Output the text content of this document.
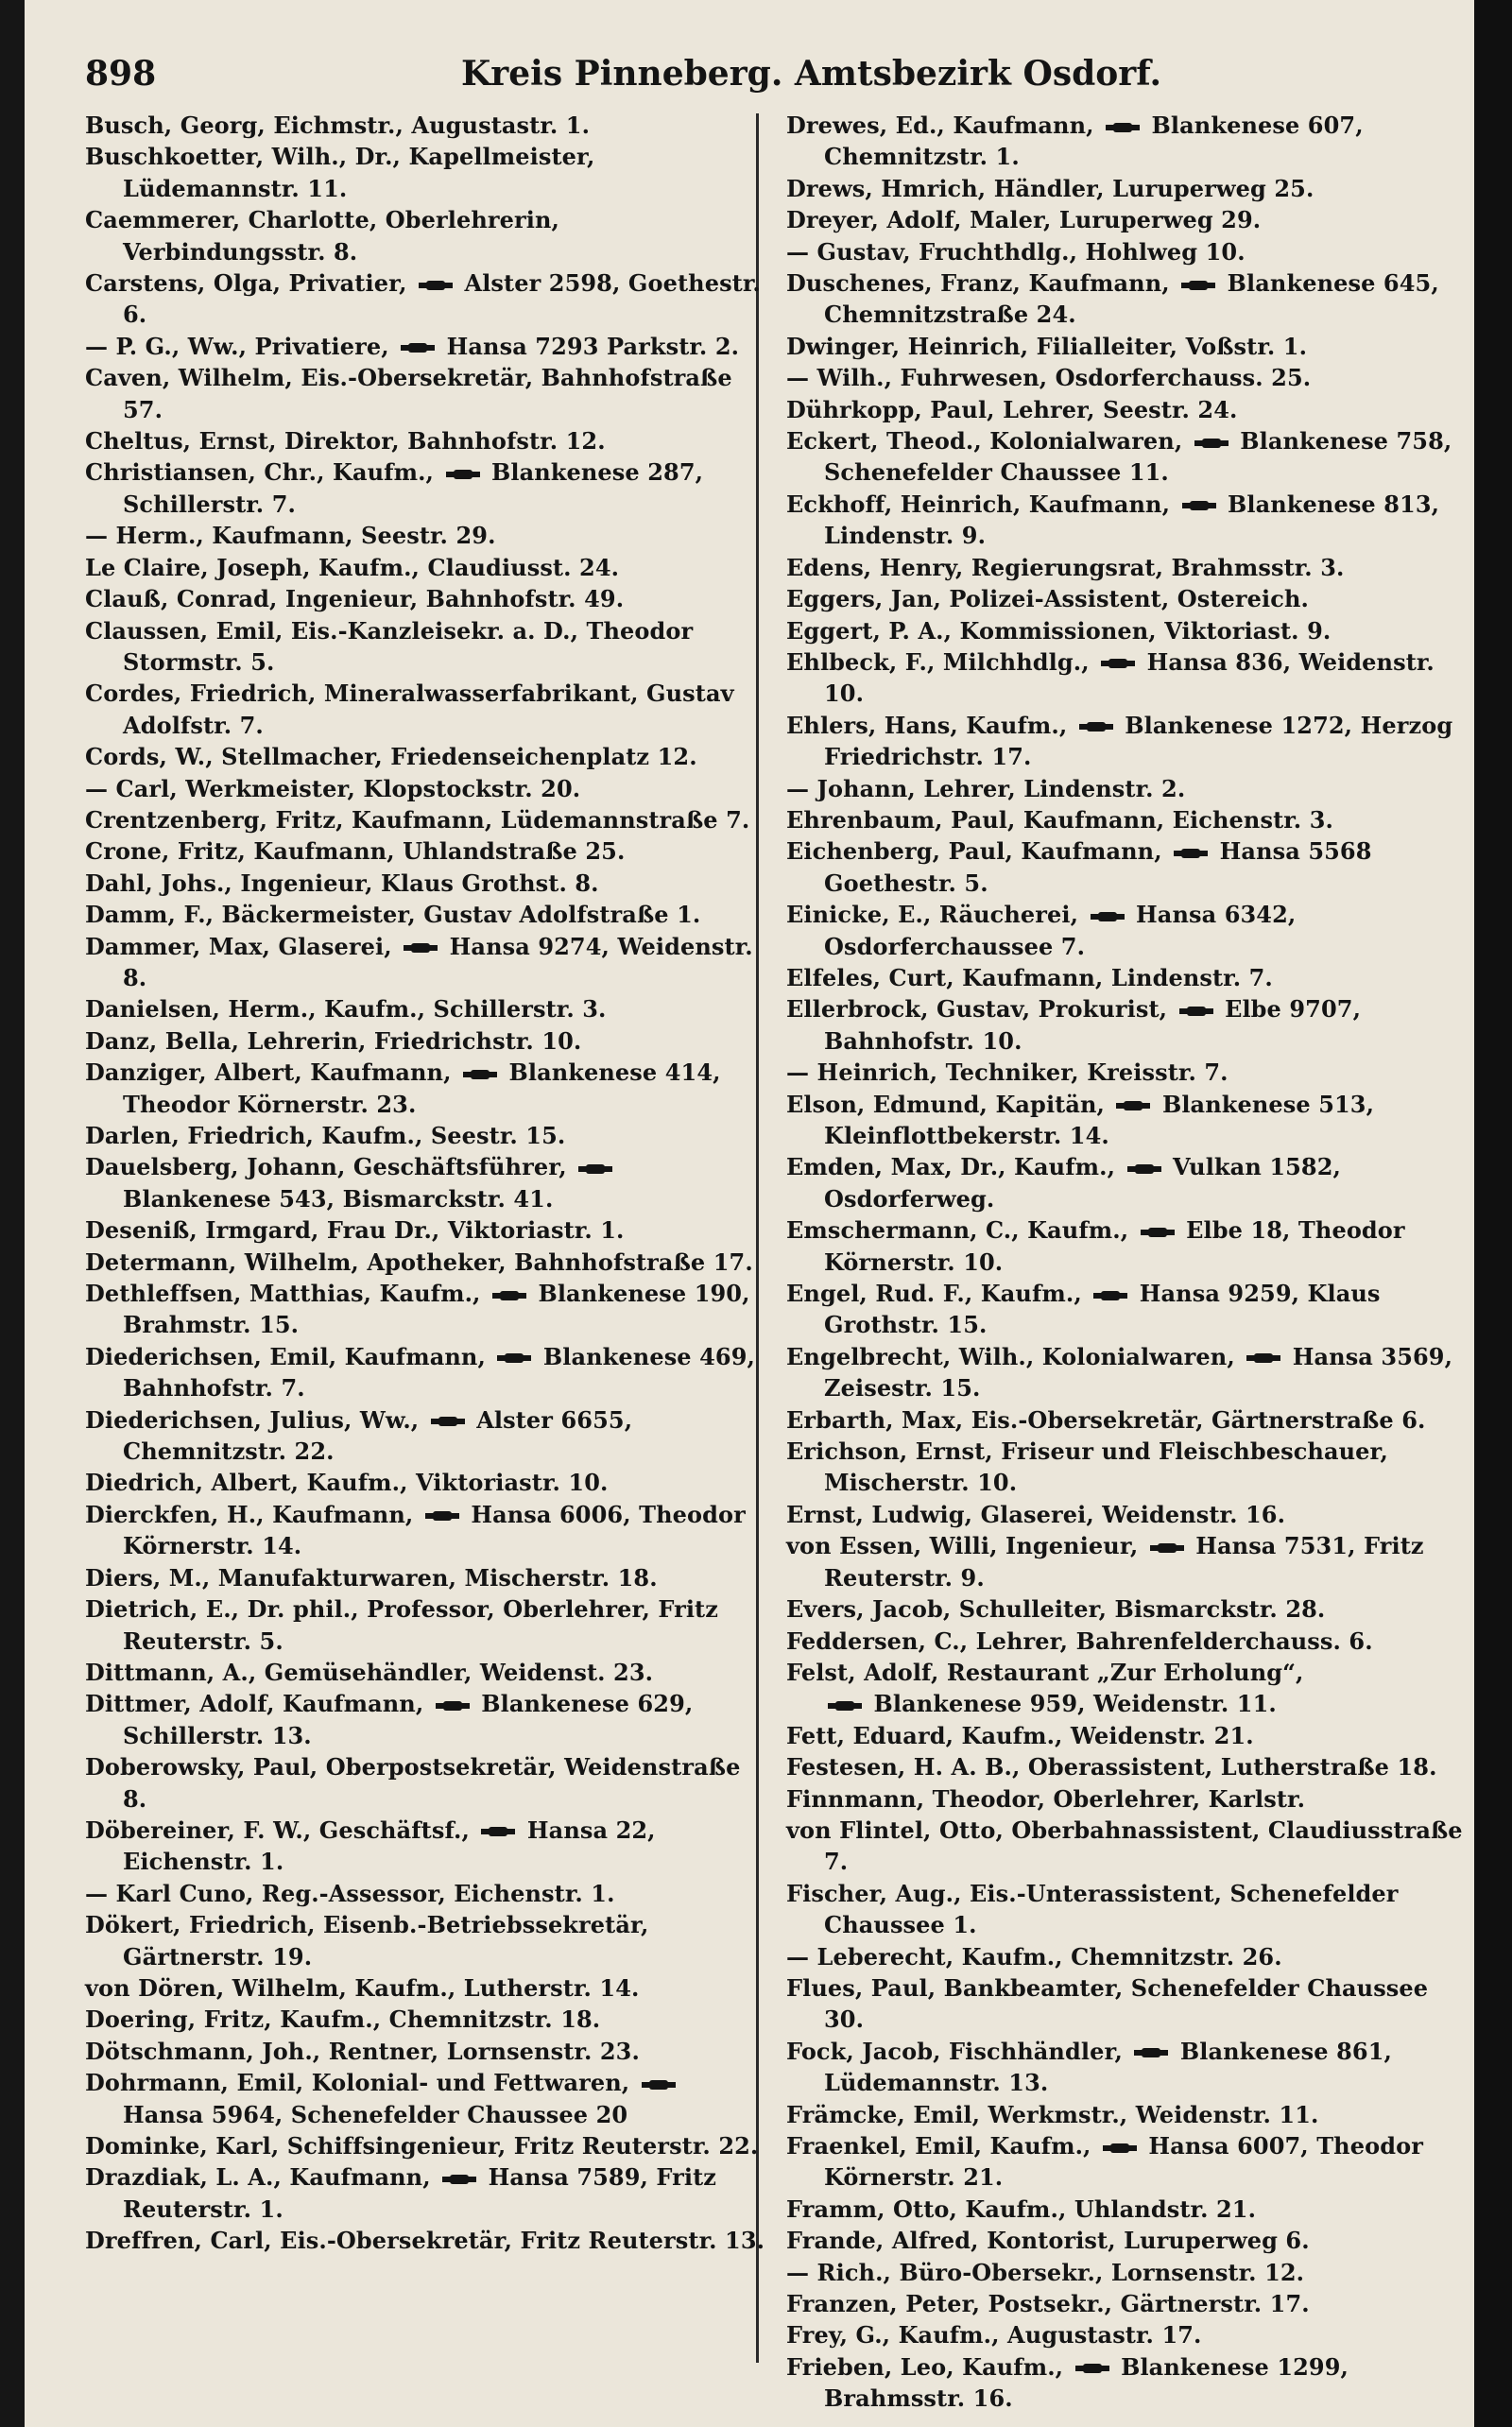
898	Kreis Pinneberg. Amtsbezirk Osdorf.

Busch, Georg, Eichmstr., Augustastr. 1.

Buschkoetter, Wilh., Dr., Kapellmeister, Lüdemannstr. 11.

Caemmerer, Charlotte, Oberlehrerin, Verbindungsstr. 8.

Carstens, Olga, Privatier,	Alster 2598, Goethestr. 6.

— P. G., Ww., Privatiere,	Hansa 7293 Parkstr. 2.

Caven, Wilhelm, Eis.-Obersekretär, Bahnhofstraße 57.

Cheltus, Ernst, Direktor, Bahnhofstr. 12.

Christiansen, Chr., Kaufm.,	Blankenese 287, Schillerstr. 7.

— Herm., Kaufmann, Seestr. 29.

Le Claire, Joseph, Kaufm., Claudiusst. 24.

Clauß, Conrad, Ingenieur, Bahnhofstr. 49.

Claussen, Emil, Eis.-Kanzleisekr. a. D., Theodor Stormstr. 5.

Cordes, Friedrich, Mineralwasserfabrikant, Gustav Adolfstr. 7.

Cords, W., Stellmacher, Friedenseichenplatz 12.

— Carl, Werkmeister, Klopstockstr. 20.

Crentzenberg, Fritz, Kaufmann, Lüdemannstraße 7.

Crone, Fritz, Kaufmann, Uhlandstraße 25.

Dahl, Johs., Ingenieur, Klaus Grothst. 8.

Damm, F., Bäckermeister, Gustav Adolfstraße 1.

Dammer, Max, Glaserei,	Hansa 9274, Weidenstr. 8.

Danielsen, Herm., Kaufm., Schillerstr. 3.

Danz, Bella, Lehrerin, Friedrichstr. 10.

Danziger, Albert, Kaufmann,	Blankenese 414, Theodor Körnerstr. 23.

Darlen, Friedrich, Kaufm., Seestr. 15.

Dauelsberg, Johann, Geschäftsführer,  Blankenese 543, Bismarckstr. 41.

Deseniß, Irmgard, Frau Dr., Viktoriastr. 1.

Determann, Wilhelm, Apotheker, Bahnhofstraße 17.

Dethleffsen, Matthias, Kaufm.,	Blankenese 190, Brahmstr. 15.

Diederichsen, Emil, Kaufmann,	Blankenese 469, Bahnhofstr. 7.

Diederichsen, Julius, Ww.,	Alster 6655, Chemnitzstr. 22.

Diedrich, Albert, Kaufm., Viktoriastr. 10.

Dierckfen, H., Kaufmann,	Hansa 6006, Theodor Körnerstr. 14.

Diers, M., Manufakturwaren, Mischerstr. 18.

Dietrich, E., Dr. phil., Professor, Oberlehrer, Fritz Reuterstr. 5.

Dittmann, A., Gemüsehändler, Weidenst. 23.

Dittmer, Adolf, Kaufmann,	Blankenese 629, Schillerstr. 13.

Doberowsky, Paul, Oberpostsekretär, Weidenstraße 8.

Döbereiner, F. W., Geschäftsf.,	Hansa 22, Eichenstr. 1.

— Karl Cuno, Reg.-Assessor, Eichenstr. 1.

Dökert, Friedrich, Eisenb.-Betriebssekretär, Gärtnerstr. 19.

von Dören, Wilhelm, Kaufm., Lutherstr. 14.

Doering, Fritz, Kaufm., Chemnitzstr. 18.

Dötschmann, Joh., Rentner, Lornsenstr. 23.

Dohrmann, Emil, Kolonial- und Fettwaren,  Hansa 5964, Schenefelder Chaussee 20

Dominke, Karl, Schiffsingenieur, Fritz Reuterstr. 22.

Drazdiak, L. A., Kaufmann,	Hansa 7589, Fritz Reuterstr. 1.

Dreffren, Carl, Eis.-Obersekretär, Fritz Reuterstr. 13.

Drewes, Ed., Kaufmann,	Blankenese 607, Chemnitzstr. 1.

Drews, Hmrich, Händler, Luruperweg 25.

Dreyer, Adolf, Maler, Luruperweg 29.

— Gustav, Fruchthdlg., Hohlweg 10.

Duschenes, Franz, Kaufmann,	Blankenese 645, Chemnitzstraße 24.

Dwinger, Heinrich, Filialleiter, Voßstr. 1.

— Wilh., Fuhrwesen, Osdorferchauss. 25.

Dührkopp, Paul, Lehrer, Seestr. 24.

Eckert, Theod., Kolonialwaren,	Blankenese 758, Schenefelder Chaussee 11.

Eckhoff, Heinrich, Kaufmann,	Blankenese 813, Lindenstr. 9.

Edens, Henry, Regierungsrat, Brahmsstr. 3.

Eggers, Jan, Polizei-Assistent, Ostereich.

Eggert, P. A., Kommissionen, Viktoriast. 9.

Ehlbeck, F., Milchhdlg.,	Hansa 836, Weidenstr. 10.

Ehlers, Hans, Kaufm.,	Blankenese 1272, Herzog Friedrichstr. 17.

— Johann, Lehrer, Lindenstr. 2.

Ehrenbaum, Paul, Kaufmann, Eichenstr. 3.

Eichenberg, Paul, Kaufmann,	Hansa 5568 Goethestr. 5.

Einicke, E., Räucherei,	Hansa 6342, Osdorferchaussee 7.

Elfeles, Curt, Kaufmann, Lindenstr. 7.

Ellerbrock, Gustav, Prokurist,	Elbe 9707, Bahnhofstr. 10.

— Heinrich, Techniker, Kreisstr. 7.

Elson, Edmund, Kapitän,	Blankenese 513, Kleinflottbekerstr. 14.

Emden, Max, Dr., Kaufm.,	Vulkan 1582, Osdorferweg.

Emschermann, C., Kaufm.,	Elbe 18, Theodor Körnerstr. 10.

Engel, Rud. F., Kaufm.,	Hansa 9259, Klaus Grothstr. 15.

Engelbrecht, Wilh., Kolonialwaren,	Hansa 3569, Zeisestr. 15.

Erbarth, Max, Eis.-Obersekretär, Gärtnerstraße 6.

Erichson, Ernst, Friseur und Fleischbeschauer, Mischerstr. 10.

Ernst, Ludwig, Glaserei, Weidenstr. 16.

von Essen, Willi, Ingenieur,	Hansa 7531, Fritz Reuterstr. 9.

Evers, Jacob, Schulleiter, Bismarckstr. 28.

Feddersen, C., Lehrer, Bahrenfelderchauss. 6.

Felst, Adolf, Restaurant „Zur Erholung“,
Blankenese 959, Weidenstr. 11.

Fett, Eduard, Kaufm., Weidenstr. 21.

Festesen, H. A. B., Oberassistent, Lutherstraße 18.

Finnmann, Theodor, Oberlehrer, Karlstr.

von Flintel, Otto, Oberbahnassistent, Claudiusstraße 7.

Fischer, Aug., Eis.-Unterassistent, Schenefelder Chaussee 1.

— Leberecht, Kaufm., Chemnitzstr. 26.

Flues, Paul, Bankbeamter, Schenefelder Chaussee 30.

Fock, Jacob, Fischhändler,	Blankenese 861, Lüdemannstr. 13.

Främcke, Emil, Werkmstr., Weidenstr. 11.

Fraenkel, Emil, Kaufm.,	Hansa 6007, Theodor Körnerstr. 21.

Framm, Otto, Kaufm., Uhlandstr. 21.

Frande, Alfred, Kontorist, Luruperweg 6.

— Rich., Büro-Obersekr., Lornsenstr. 12.

Franzen, Peter, Postsekr., Gärtnerstr. 17.

Frey, G., Kaufm., Augustastr. 17.

Frieben, Leo, Kaufm.,	Blankenese 1299, Brahmsstr. 16.
